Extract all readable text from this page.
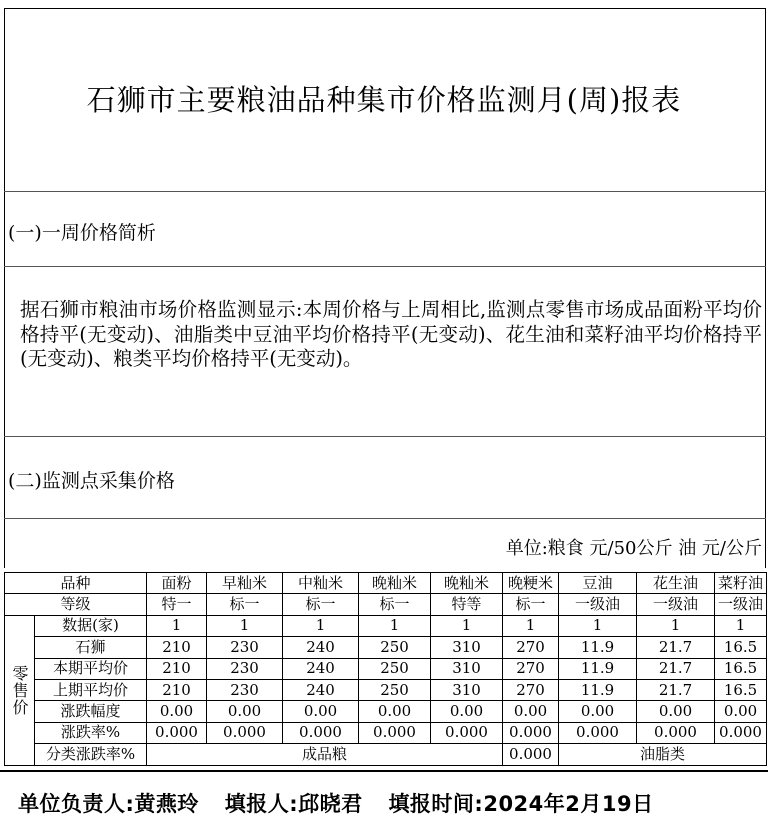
石狮市主要粮油品种集市价格监测月(周)报表
(一)一周价格简析
据石狮市粮油市场价格监测显示:本周价格与上周相比,监测点零售市场成品面粉平均价格持平(无变动)、油脂类中豆油平均价格持平(无变动)、花生油和菜籽油平均价格持平(无变动)、粮类平均价格持平(无变动)。
(二)监测点采集价格
单位:粮食 元/50公斤 油 元/公斤
品种		面粉	早籼米	中籼米	晚籼米	晚籼米	晚粳米	豆油	花生油	菜籽油	
等级		特一	标一	标一	标一	特等	标一	一级油	一级油	一级油	
零售价	数据(家)	1	1	1	1	1	1	1	1	1	
	石狮	210	230	240	250	310	270	11.9	21.7	16.5	
	本期平均价	210	230	240	250	310	270	11.9	21.7	16.5	
	上期平均价	210	230	240	250	310	270	11.9	21.7	16.5	
	涨跌幅度	0.00	0.00	0.00	0.00	0.00	0.00	0.00	0.00	0.00	
	涨跌率%	0.000	0.000	0.000	0.000	0.000	0.000	0.000	0.000	0.000	
	分类涨跌率%	成品粮					0.000	油脂类	
单位负责人:黄燕玲 填报人:邱晓君 填报时间:2024年2月19日
